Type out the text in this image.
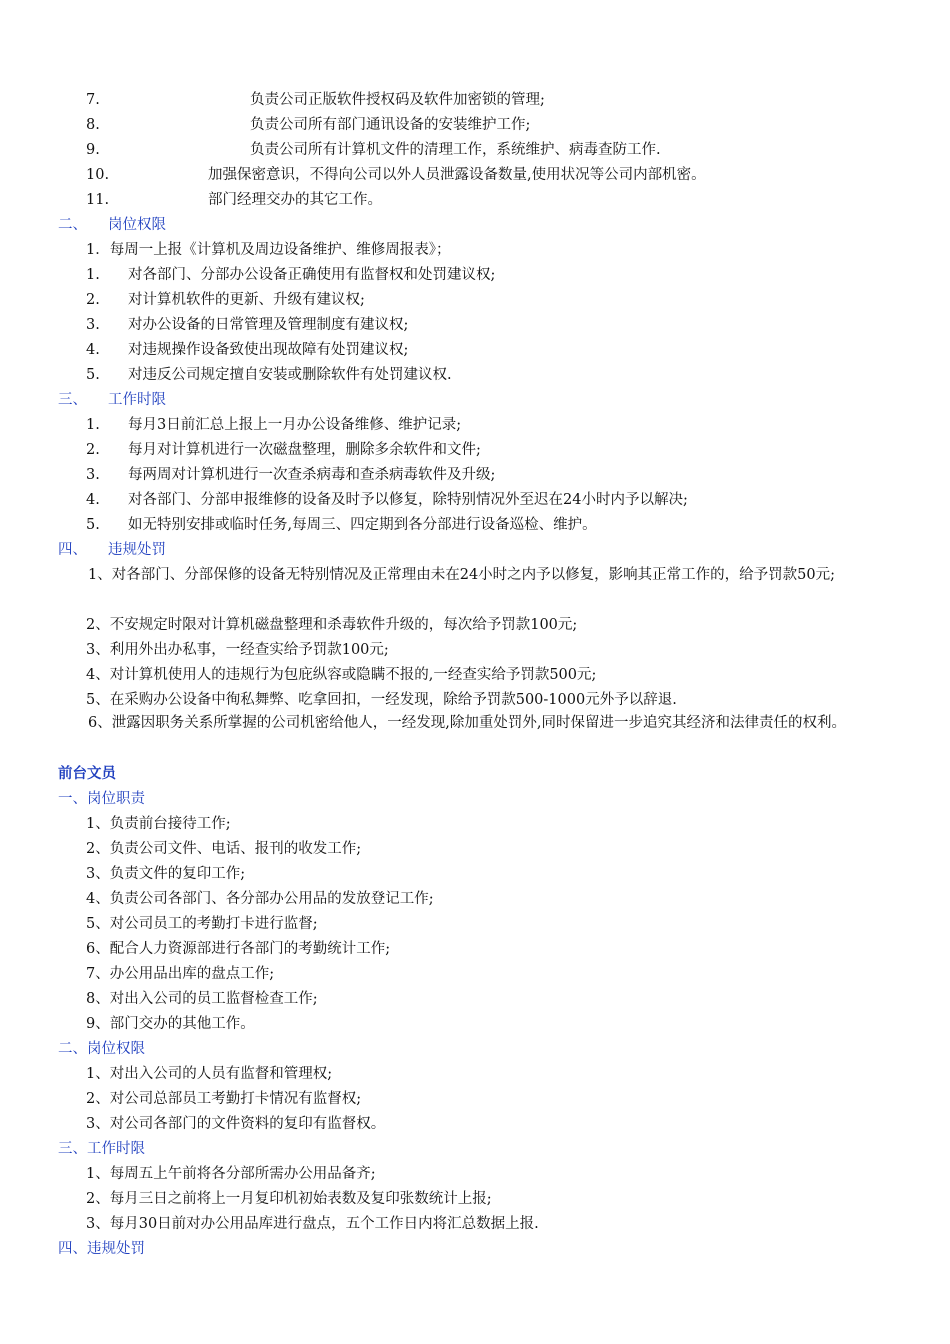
7.	负责公司正版软件授权码及软件加密锁的管理;
8.	负责公司所有部门通讯设备的安装维护工作;
9.	负责公司所有计算机文件的清理工作，系统维护、病毒查防工作.
10.	加强保密意识，不得向公司以外人员泄露设备数量,使用状况等公司内部机密。
11.	部门经理交办的其它工作。
二、 岗位权限
1．每周一上报《计算机及周边设备维护、维修周报表》；
1. 对各部门、分部办公设备正确使用有监督权和处罚建议权;
2. 对计算机软件的更新、升级有建议权;
3. 对办公设备的日常管理及管理制度有建议权;
4. 对违规操作设备致使出现故障有处罚建议权;
5. 对违反公司规定擅自安装或删除软件有处罚建议权.
三、 工作时限
1. 每月3日前汇总上报上一月办公设备维修、维护记录;
2. 每月对计算机进行一次磁盘整理，删除多余软件和文件;
3. 每两周对计算机进行一次查杀病毒和查杀病毒软件及升级;
4. 对各部门、分部申报维修的设备及时予以修复，除特别情况外至迟在24小时内予以解决;
5. 如无特别安排或临时任务,每周三、四定期到各分部进行设备巡检、维护。
四、 违规处罚
1、对各部门、分部保修的设备无特别情况及正常理由未在24小时之内予以修复，影响其正常工作的，给予罚款50元;
2、不安规定时限对计算机磁盘整理和杀毒软件升级的，每次给予罚款100元;
3、利用外出办私事，一经查实给予罚款100元;
4、对计算机使用人的违规行为包庇纵容或隐瞒不报的,一经查实给予罚款500元;
5、在采购办公设备中徇私舞弊、吃拿回扣，一经发现，除给予罚款500-1000元外予以辞退.
6、泄露因职务关系所掌握的公司机密给他人，一经发现,除加重处罚外,同时保留进一步追究其经济和法律责任的权利。
前台文员
一、岗位职责
1、负责前台接待工作;
2、负责公司文件、电话、报刊的收发工作;
3、负责文件的复印工作;
4、负责公司各部门、各分部办公用品的发放登记工作;
5、对公司员工的考勤打卡进行监督;
6、配合人力资源部进行各部门的考勤统计工作;
7、办公用品出库的盘点工作;
8、对出入公司的员工监督检查工作;
9、部门交办的其他工作。
二、岗位权限
1、对出入公司的人员有监督和管理权;
2、对公司总部员工考勤打卡情况有监督权;
3、对公司各部门的文件资料的复印有监督权。
三、工作时限
1、每周五上午前将各分部所需办公用品备齐;
2、每月三日之前将上一月复印机初始表数及复印张数统计上报;
3、每月30日前对办公用品库进行盘点，五个工作日内将汇总数据上报.
四、违规处罚
